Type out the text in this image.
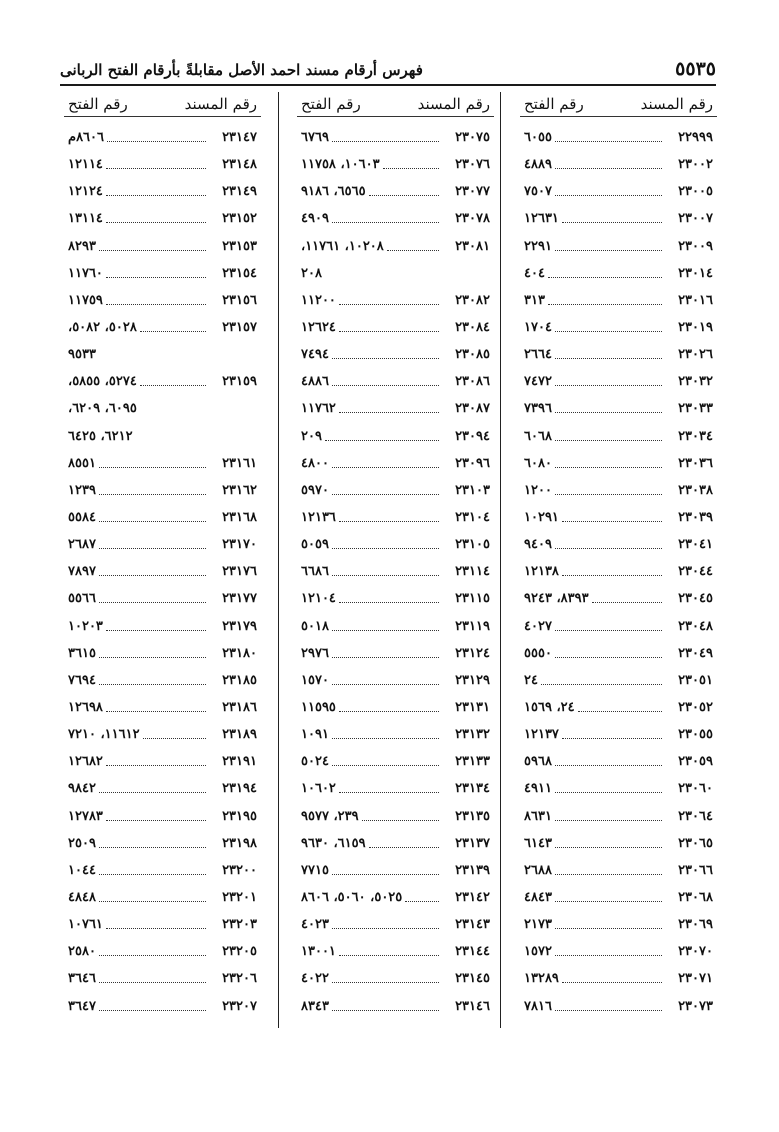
فهرس أرقام مسند احمد الأصل مقابلةً بأرقام الفتح الربانى	٥٥٣٥
رقم المسند
رقم الفتح
٢٢٩٩٩
٦٠٥٥
٢٣٠٠٢
٤٨٨٩
٢٣٠٠٥
٧٥٠٧
٢٣٠٠٧
١٢٦٣١
٢٣٠٠٩
٢٢٩١
٢٣٠١٤
٤٠٤
٢٣٠١٦
٣١٣
٢٣٠١٩
١٧٠٤
٢٣٠٢٦
٢٦٦٤
٢٣٠٣٢
٧٤٧٢
٢٣٠٣٣
٧٣٩٦
٢٣٠٣٤
٦٠٦٨
٢٣٠٣٦
٦٠٨٠
٢٣٠٣٨
١٢٠٠
٢٣٠٣٩
١٠٢٩١
٢٣٠٤١
٩٤٠٩
٢٣٠٤٤
١٢١٣٨
٢٣٠٤٥
٨٣٩٣، ٩٢٤٣
٢٣٠٤٨
٤٠٢٧
٢٣٠٤٩
٥٥٥٠
٢٣٠٥١
٢٤
٢٣٠٥٢
٢٤، ١٥٦٩
٢٣٠٥٥
١٢١٣٧
٢٣٠٥٩
٥٩٦٨
٢٣٠٦٠
٤٩١١
٢٣٠٦٤
٨٦٣١
٢٣٠٦٥
٦١٤٣
٢٣٠٦٦
٢٦٨٨
٢٣٠٦٨
٤٨٤٣
٢٣٠٦٩
٢١٧٣
٢٣٠٧٠
١٥٧٢
٢٣٠٧١
١٣٢٨٩
٢٣٠٧٣
٧٨١٦
رقم المسند
رقم الفتح
٢٣٠٧٥
٦٧٦٩
٢٣٠٧٦
١٠٦٠٣، ١١٧٥٨
٢٣٠٧٧
٦٥٦٥، ٩١٨٦
٢٣٠٧٨
٤٩٠٩
٢٣٠٨١
١٠٢٠٨، ١١٧٦١،
٢٠٨
٢٣٠٨٢
١١٢٠٠
٢٣٠٨٤
١٢٦٢٤
٢٣٠٨٥
٧٤٩٤
٢٣٠٨٦
٤٨٨٦
٢٣٠٨٧
١١٧٦٢
٢٣٠٩٤
٢٠٩
٢٣٠٩٦
٤٨٠٠
٢٣١٠٣
٥٩٧٠
٢٣١٠٤
١٢١٣٦
٢٣١٠٥
٥٠٥٩
٢٣١١٤
٦٦٨٦
٢٣١١٥
١٢١٠٤
٢٣١١٩
٥٠١٨
٢٣١٢٤
٢٩٧٦
٢٣١٢٩
١٥٧٠
٢٣١٣١
١١٥٩٥
٢٣١٣٢
١٠٩١
٢٣١٣٣
٥٠٢٤
٢٣١٣٤
١٠٦٠٢
٢٣١٣٥
٢٣٩، ٩٥٧٧
٢٣١٣٧
٦١٥٩، ٩٦٣٠
٢٣١٣٩
٧٧١٥
٢٣١٤٢
٥٠٢٥، ٥٠٦٠، ٨٦٠٦
٢٣١٤٣
٤٠٢٣
٢٣١٤٤
١٣٠٠١
٢٣١٤٥
٤٠٢٢
٢٣١٤٦
٨٣٤٣
رقم المسند
رقم الفتح
٢٣١٤٧
٨٦٠٦م
٢٣١٤٨
١٢١١٤
٢٣١٤٩
١٢١٢٤
٢٣١٥٢
١٣١١٤
٢٣١٥٣
٨٢٩٣
٢٣١٥٤
١١٧٦٠
٢٣١٥٦
١١٧٥٩
٢٣١٥٧
٥٠٢٨، ٥٠٨٢،
٩٥٣٣
٢٣١٥٩
٥٢٧٤، ٥٨٥٥،
٦٠٩٥، ٦٢٠٩،
٦٢١٢، ٦٤٢٥
٢٣١٦١
٨٥٥١
٢٣١٦٢
١٢٣٩
٢٣١٦٨
٥٥٨٤
٢٣١٧٠
٢٦٨٧
٢٣١٧٦
٧٨٩٧
٢٣١٧٧
٥٥٦٦
٢٣١٧٩
١٠٢٠٣
٢٣١٨٠
٣٦١٥
٢٣١٨٥
٧٦٩٤
٢٣١٨٦
١٢٦٩٨
٢٣١٨٩
١١٦١٢، ٧٢١٠
٢٣١٩١
١٢٦٨٢
٢٣١٩٤
٩٨٤٢
٢٣١٩٥
١٢٧٨٣
٢٣١٩٨
٢٥٠٩
٢٣٢٠٠
١٠٤٤
٢٣٢٠١
٤٨٤٨
٢٣٢٠٣
١٠٧٦١
٢٣٢٠٥
٢٥٨٠
٢٣٢٠٦
٣٦٤٦
٢٣٢٠٧
٣٦٤٧
